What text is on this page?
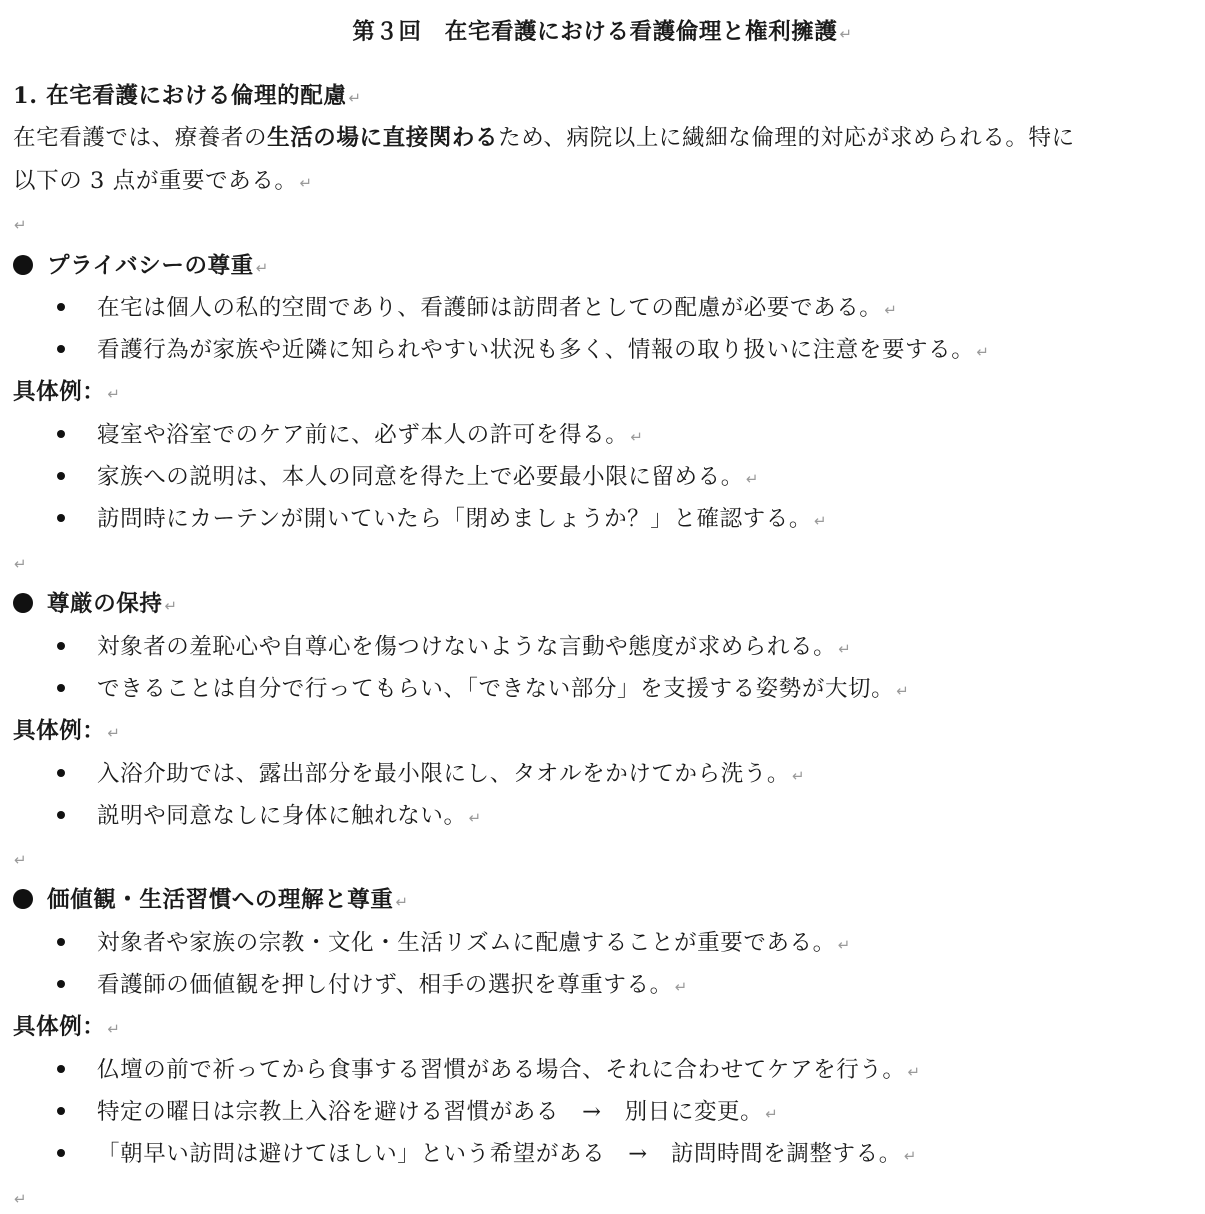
第３回　在宅看護における看護倫理と権利擁護 ↵
1. 在宅看護における倫理的配慮 ↵
在宅看護では、療養者の生活の場に直接関わるため、病院以上に繊細な倫理的対応が求められる。特に
以下の 3 点が重要である。 ↵
↵
プライバシーの尊重 ↵
在宅は個人の私的空間であり、看護師は訪問者としての配慮が必要である。 ↵
看護行為が家族や近隣に知られやすい状況も多く、情報の取り扱いに注意を要する。 ↵
具体例： ↵
寝室や浴室でのケア前に、必ず本人の許可を得る。 ↵
家族への説明は、本人の同意を得た上で必要最小限に留める。 ↵
訪問時にカーテンが開いていたら「閉めましょうか？」と確認する。 ↵
↵
尊厳の保持 ↵
対象者の羞恥心や自尊心を傷つけないような言動や態度が求められる。 ↵
できることは自分で行ってもらい、「できない部分」を支援する姿勢が大切。 ↵
具体例： ↵
入浴介助では、露出部分を最小限にし、タオルをかけてから洗う。 ↵
説明や同意なしに身体に触れない。 ↵
↵
価値観・生活習慣への理解と尊重 ↵
対象者や家族の宗教・文化・生活リズムに配慮することが重要である。 ↵
看護師の価値観を押し付けず、相手の選択を尊重する。 ↵
具体例： ↵
仏壇の前で祈ってから食事する習慣がある場合、それに合わせてケアを行う。 ↵
特定の曜日は宗教上入浴を避ける習慣がある　→　別日に変更。 ↵
「朝早い訪問は避けてほしい」という希望がある　→　訪問時間を調整する。 ↵
↵
